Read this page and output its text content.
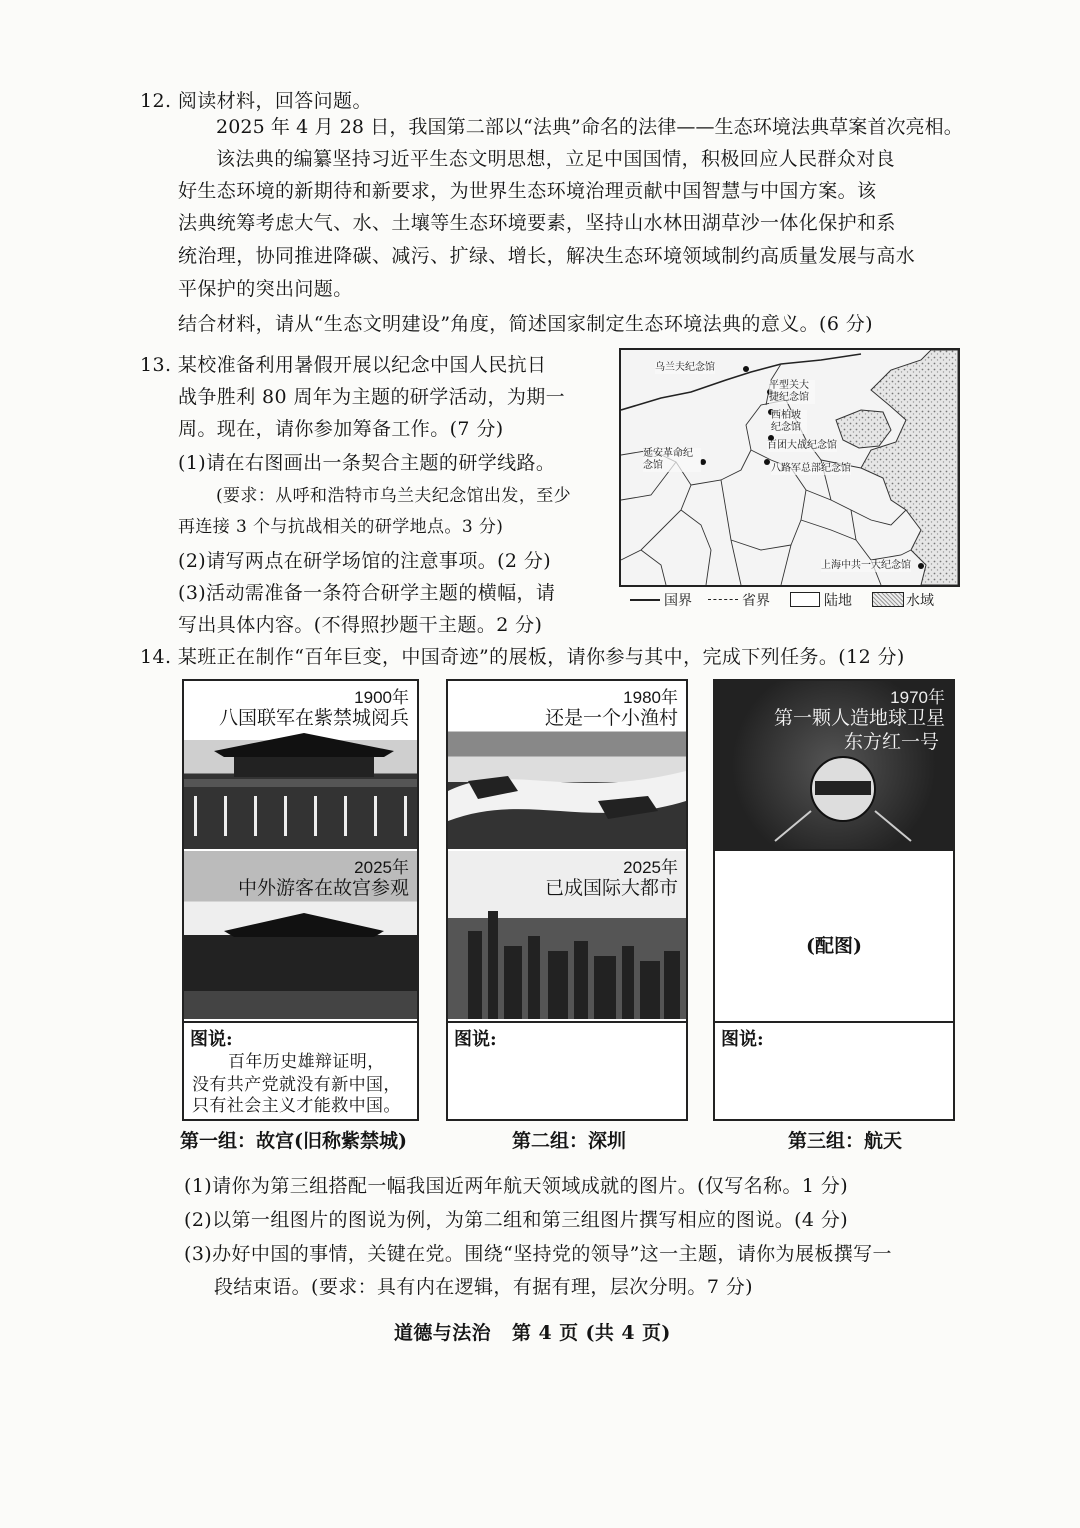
12. 阅读材料，回答问题。
2025 年 4 月 28 日，我国第二部以“法典”命名的法律——生态环境法典草案首次亮相。
该法典的编纂坚持习近平生态文明思想，立足中国国情，积极回应人民群众对良
好生态环境的新期待和新要求，为世界生态环境治理贡献中国智慧与中国方案。该
法典统筹考虑大气、水、土壤等生态环境要素，坚持山水林田湖草沙一体化保护和系
统治理，协同推进降碳、减污、扩绿、增长，解决生态环境领域制约高质量发展与高水
平保护的突出问题。
结合材料，请从“生态文明建设”角度，简述国家制定生态环境法典的意义。(6 分)
13. 某校准备利用暑假开展以纪念中国人民抗日
战争胜利 80 周年为主题的研学活动，为期一
周。现在，请你参加筹备工作。(7 分)
(1)请在右图画出一条契合主题的研学线路。
(要求：从呼和浩特市乌兰夫纪念馆出发，至少
再连接 3 个与抗战相关的研学地点。3 分)
(2)请写两点在研学场馆的注意事项。(2 分)
(3)活动需准备一条符合研学主题的横幅，请
写出具体内容。(不得照抄题干主题。2 分)
乌兰夫纪念馆
平型关大捷纪念馆
西柏坡纪念馆
百团大战纪念馆
八路军总部纪念馆
延安革命纪念馆
上海中共一大纪念馆
国界	省界	陆地	水域
14. 某班正在制作“百年巨变，中国奇迹”的展板，请你参与其中，完成下列任务。(12 分)
1900年
八国联军在紫禁城阅兵
2025年
中外游客在故宫参观
图说:
百年历史雄辩证明，
没有共产党就没有新中国，
只有社会主义才能救中国。
第一组：故宫(旧称紫禁城)
1980年
还是一个小渔村
2025年
已成国际大都市
图说:
第二组：深圳
1970年
第一颗人造地球卫星
东方红一号
(配图)
图说:
第三组：航天
(1)请你为第三组搭配一幅我国近两年航天领域成就的图片。(仅写名称。1 分)
(2)以第一组图片的图说为例，为第二组和第三组图片撰写相应的图说。(4 分)
(3)办好中国的事情，关键在党。围绕“坚持党的领导”这一主题，请你为展板撰写一
段结束语。(要求：具有内在逻辑，有据有理，层次分明。7 分)
道德与法治   第 4 页 (共 4 页)
